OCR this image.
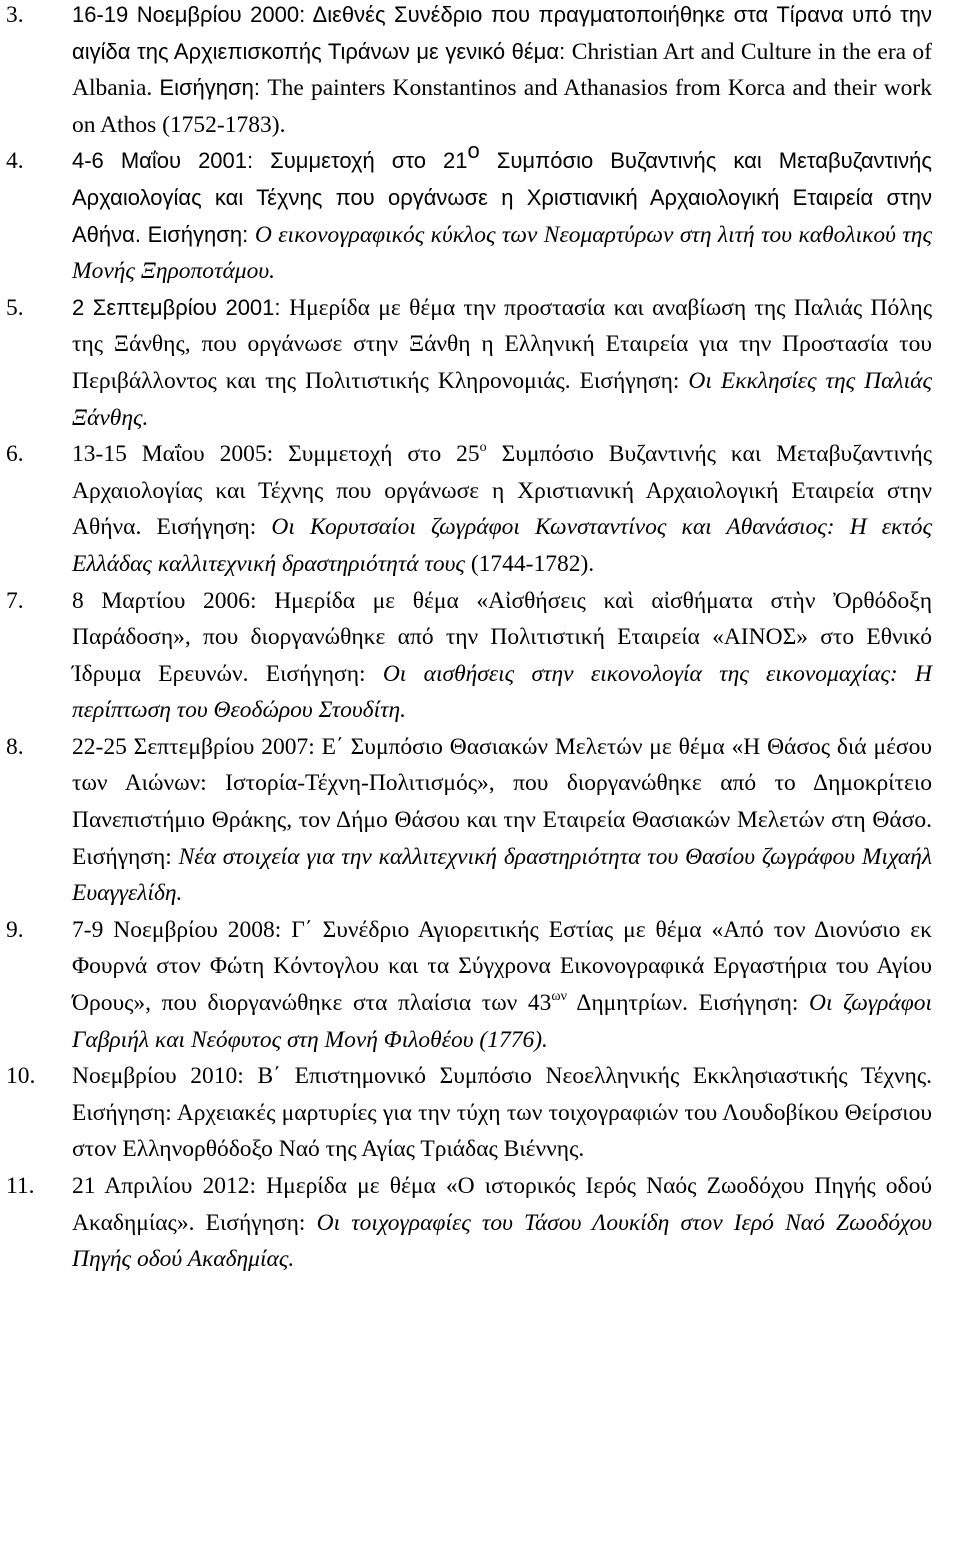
3. 16-19 Νοεμβρίου 2000: Διεθνές Συνέδριο που πραγματοποιήθηκε στα Τίρανα υπό την αιγίδα της Αρχιεπισκοπής Τιράνων με γενικό θέμα: Christian Art and Culture in the era of Albania. Εισήγηση: The painters Konstantinos and Athanasios from Korca and their work on Athos (1752-1783).
4. 4-6 Μαΐου 2001: Συμμετοχή στο $21^o$ Συμπόσιο Βυζαντινής και Μεταβυζαντινής Αρχαιολογίας και Τέχνης που οργάνωσε η Χριστιανική Αρχαιολογική Εταιρεία στην Αθήνα. Εισήγηση: Ο εικονογραφικός κύκλος των Νεομαρτύρων στη λιτή του καθολικού της Μονής Ξηροποτάμου.
5. 2 Σεπτεμβρίου 2001: Ημερίδα με θέμα την προστασία και αναβίωση της Παλιάς Πόλης της Ξάνθης, που οργάνωσε στην Ξάνθη η Ελληνική Εταιρεία για την Προστασία του Περιβάλλοντος και της Πολιτιστικής Κληρονομιάς. Εισήγηση: Οι Εκκλησίες της Παλιάς Ξάνθης.
6. 13-15 Μαΐου 2005: Συμμετοχή στο $25^o$ Συμπόσιο Βυζαντινής και Μεταβυζαντινής Αρχαιολογίας και Τέχνης που οργάνωσε η Χριστιανική Αρχαιολογική Εταιρεία στην Αθήνα. Εισήγηση: Οι Κορυτσαίοι ζωγράφοι Κωνσταντίνος και Αθανάσιος: Η εκτός Ελλάδας καλλιτεχνική δραστηριότητά τους (1744-1782).
7. 8 Μαρτίου 2006: Ημερίδα με θέμα «Αἰσθήσεις καὶ αἰσθήματα στὴν Ὀρθόδοξη Παράδοση», που διοργανώθηκε από την Πολιτιστική Εταιρεία «ΑΙΝΟΣ» στο Εθνικό Ίδρυμα Ερευνών. Εισήγηση: Οι αισθήσεις στην εικονολογία της εικονομαχίας: Η περίπτωση του Θεοδώρου Στουδίτη.
8. 22-25 Σεπτεμβρίου 2007: Ε΄ Συμπόσιο Θασιακών Μελετών με θέμα «Η Θάσος διά μέσου των Αιώνων: Ιστορία-Τέχνη-Πολιτισμός», που διοργανώθηκε από το Δημοκρίτειο Πανεπιστήμιο Θράκης, τον Δήμο Θάσου και την Εταιρεία Θασιακών Μελετών στη Θάσο. Εισήγηση: Νέα στοιχεία για την καλλιτεχνική δραστηριότητα του Θασίου ζωγράφου Μιχαήλ Ευαγγελίδη.
9. 7-9 Νοεμβρίου 2008: Γ΄ Συνέδριο Αγιορειτικής Εστίας με θέμα «Από τον Διονύσιο εκ Φουρνά στον Φώτη Κόντογλου και τα Σύγχρονα Εικονογραφικά Εργαστήρια του Αγίου Όρους», που διοργανώθηκε στα πλαίσια των $43^{\omega\nu}$ Δημητρίων. Εισήγηση: Οι ζωγράφοι Γαβριήλ και Νεόφυτος στη Μονή Φιλοθέου (1776).
10. Νοεμβρίου 2010: Β΄ Επιστημονικό Συμπόσιο Νεοελληνικής Εκκλησιαστικής Τέχνης. Εισήγηση: Αρχειακές μαρτυρίες για την τύχη των τοιχογραφιών του Λουδοβίκου Θείρσιου στον Ελληνορθόδοξο Ναό της Αγίας Τριάδας Βιέννης.
11. 21 Απριλίου 2012: Ημερίδα με θέμα «Ο ιστορικός Ιερός Ναός Ζωοδόχου Πηγής οδού Ακαδημίας». Εισήγηση: Οι τοιχογραφίες του Τάσου Λουκίδη στον Ιερό Ναό Ζωοδόχου Πηγής οδού Ακαδημίας.
